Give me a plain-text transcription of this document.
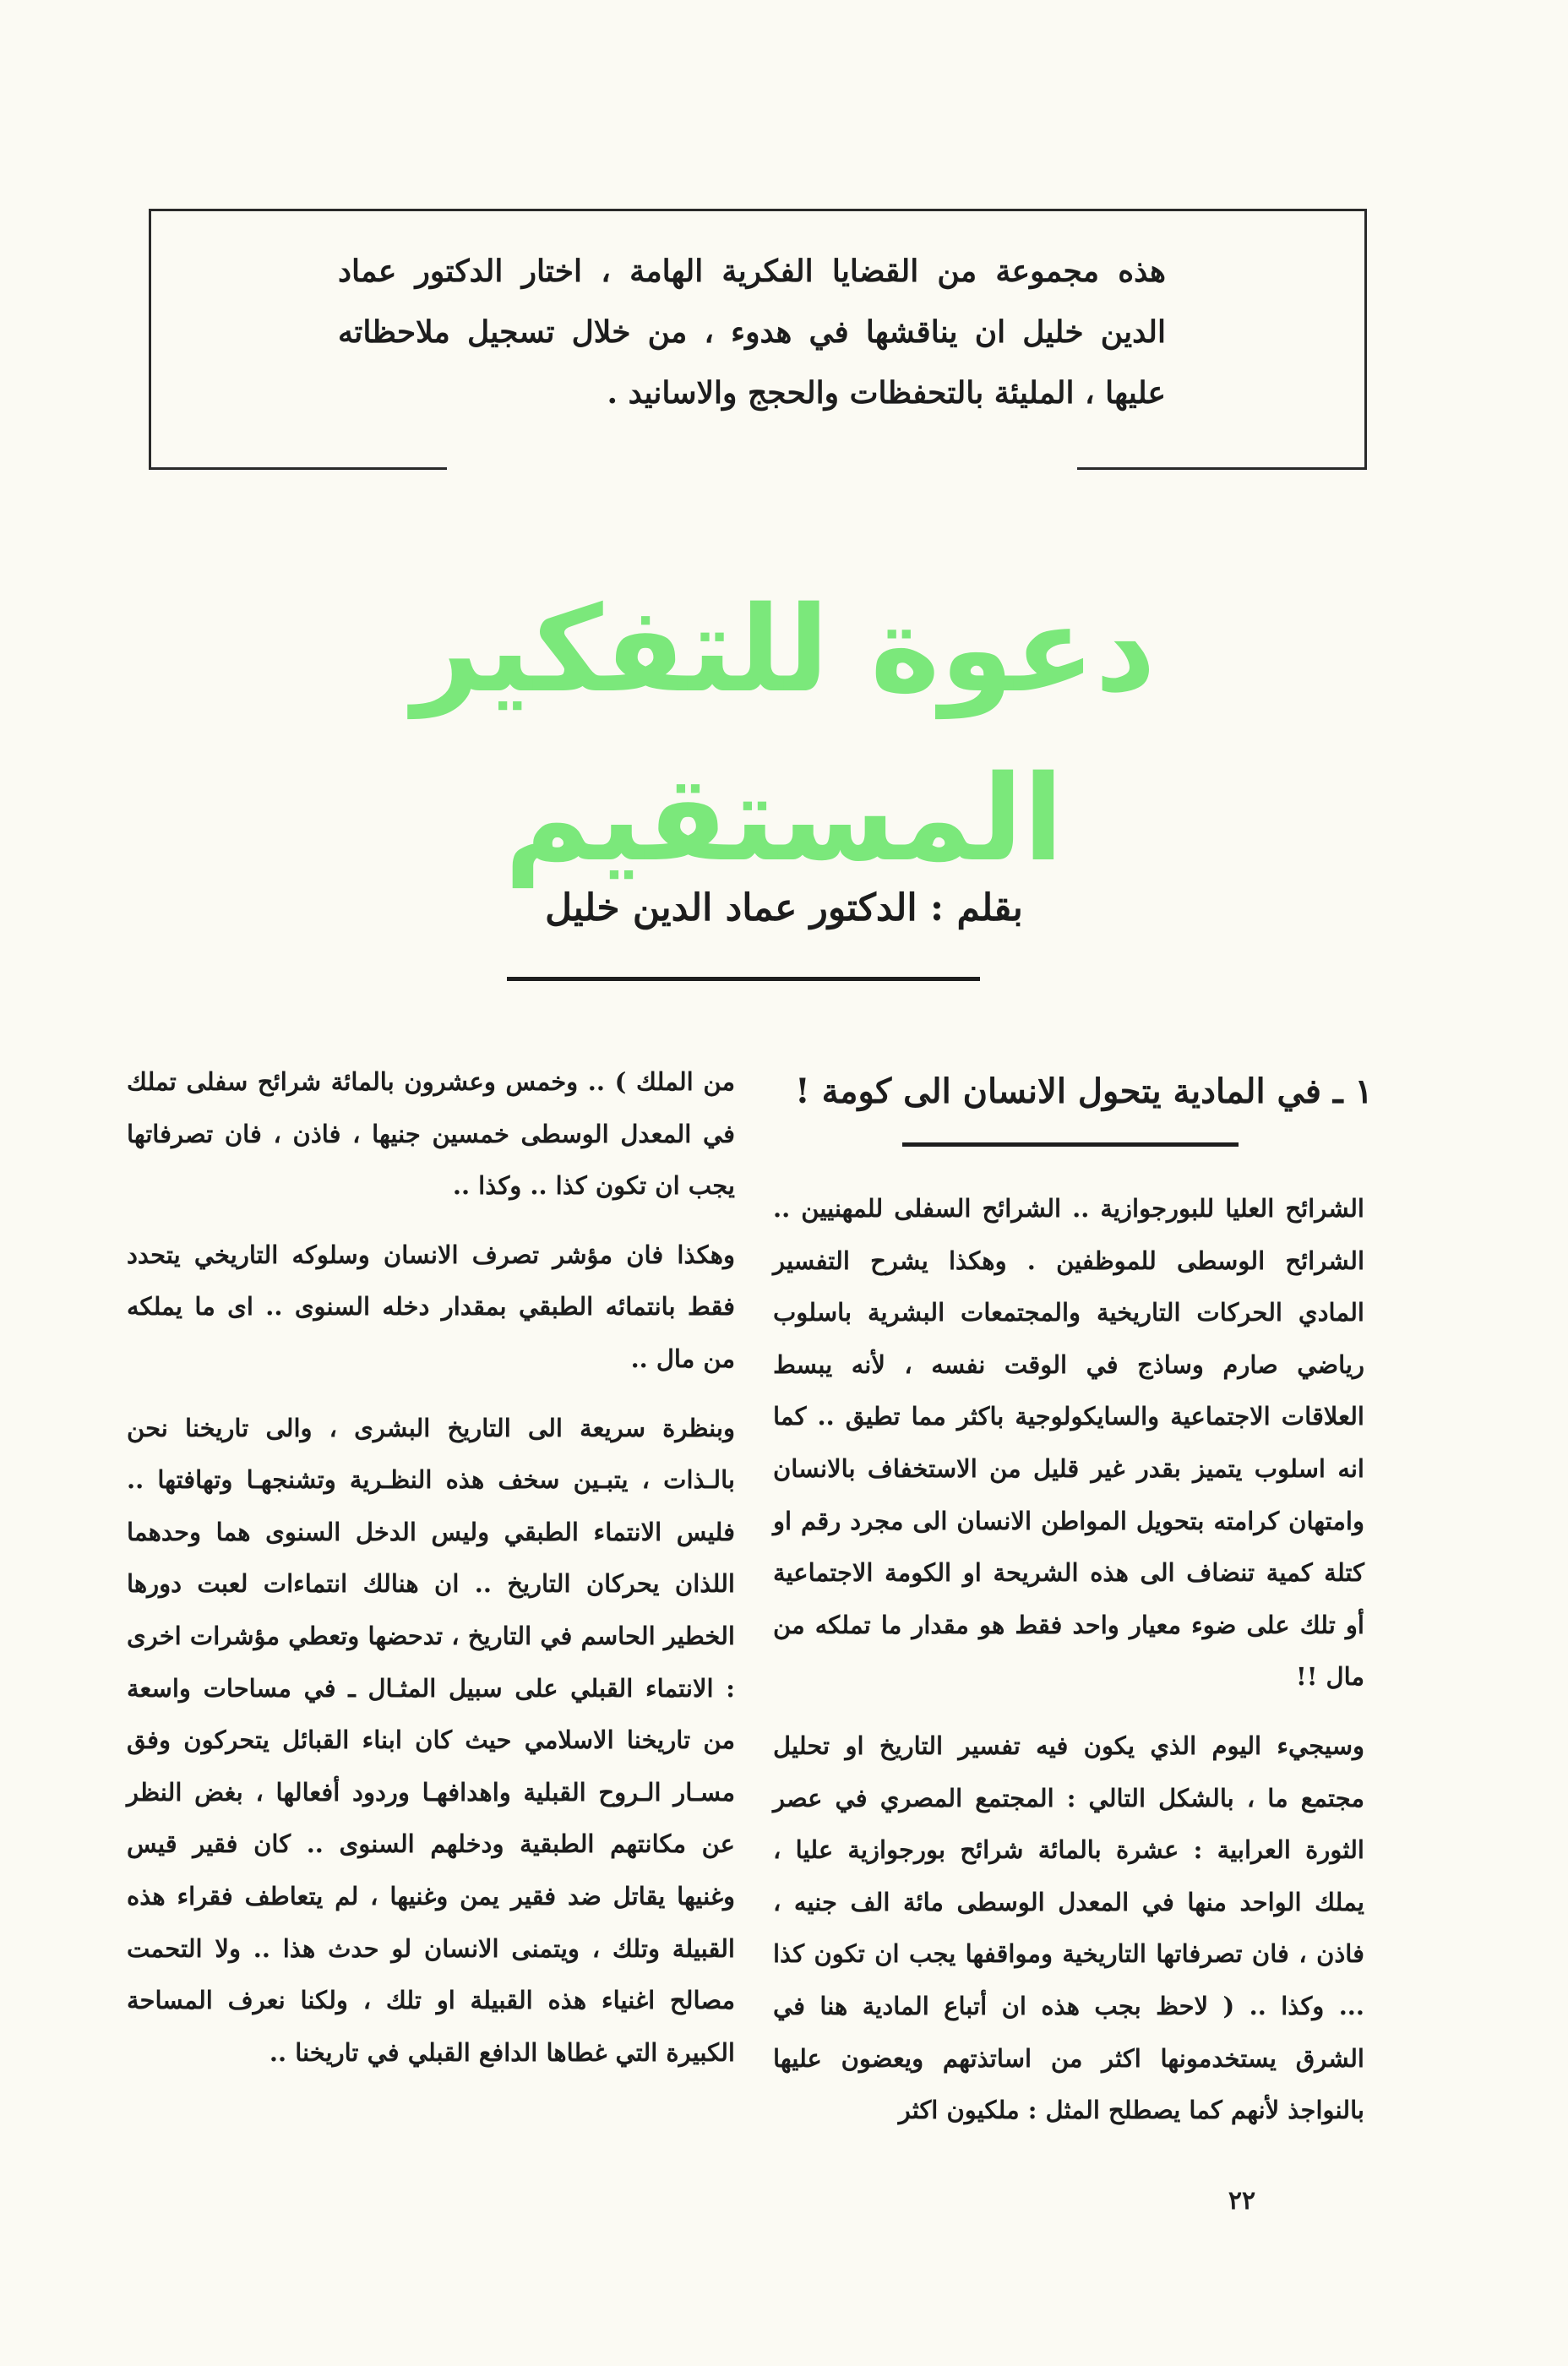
هذه مجموعة من القضايا الفكرية الهامة ، اختار الدكتور عماد الدين خليل ان يناقشها في هدوء ، من خلال تسجيل ملاحظاته عليها ، المليئة بالتحفظات والحجج والاسانيد .
دعوة للتفكير المستقيم
بقلم : الدكتور عماد الدين خليل
١ ـ في المادية يتحول الانسان الى كومة !

الشرائح العليا للبورجوازية .. الشرائح السفلى للمهنيين .. الشرائح الوسطى للموظفين . وهكذا يشرح التفسير المادي الحركات التاريخية والمجتمعات البشرية باسلوب رياضي صارم وساذج في الوقت نفسه ، لأنه يبسط العلاقات الاجتماعية والسايكولوجية باكثر مما تطيق .. كما انه اسلوب يتميز بقدر غير قليل من الاستخفاف بالانسان وامتهان كرامته بتحويل المواطن الانسان الى مجرد رقم او كتلة كمية تنضاف الى هذه الشريحة او الكومة الاجتماعية أو تلك على ضوء معيار واحد فقط هو مقدار ما تملكه من مال !!

وسيجيء اليوم الذي يكون فيه تفسير التاريخ او تحليل مجتمع ما ، بالشكل التالي : المجتمع المصري في عصر الثورة العرابية : عشرة بالمائة شرائح بورجوازية عليا ، يملك الواحد منها في المعدل الوسطى مائة الف جنيه ، فاذن ، فان تصرفاتها التاريخية ومواقفها يجب ان تكون كذا ... وكذا .. ( لاحظ بجب هذه ان أتباع المادية هنا في الشرق يستخدمونها اكثر من اساتذتهم ويعضون عليها بالنواجذ لأنهم كما يصطلح المثل : ملكيون اكثر

من الملك ) .. وخمس وعشرون بالمائة شرائح سفلى تملك في المعدل الوسطى خمسين جنيها ، فاذن ، فان تصرفاتها يجب ان تكون كذا .. وكذا ..

وهكذا فان مؤشر تصرف الانسان وسلوكه التاريخي يتحدد فقط بانتمائه الطبقي بمقدار دخله السنوى .. اى ما يملكه من مال ..

وبنظرة سريعة الى التاريخ البشرى ، والى تاريخنا نحن بالـذات ، يتبـين سخف هذه النظـرية وتشنجهـا وتهافتها .. فليس الانتماء الطبقي وليس الدخل السنوى هما وحدهما اللذان يحركان التاريخ .. ان هنالك انتماءات لعبت دورها الخطير الحاسم في التاريخ ، تدحضها وتعطي مؤشرات اخرى : الانتماء القبلي على سبيل المثـال ـ في مساحات واسعة من تاريخنا الاسلامي حيث كان ابناء القبائل يتحركون وفق مسـار الـروح القبلية واهدافهـا وردود أفعالها ، بغض النظر عن مكانتهم الطبقية ودخلهم السنوى .. كان فقير قيس وغنيها يقاتل ضد فقير يمن وغنيها ، لم يتعاطف فقراء هذه القبيلة وتلك ، ويتمنى الانسان لو حدث هذا .. ولا التحمت مصالح اغنياء هذه القبيلة او تلك ، ولكنا نعرف المساحة الكبيرة التي غطاها الدافع القبلي في تاريخنا ..

٢٢
